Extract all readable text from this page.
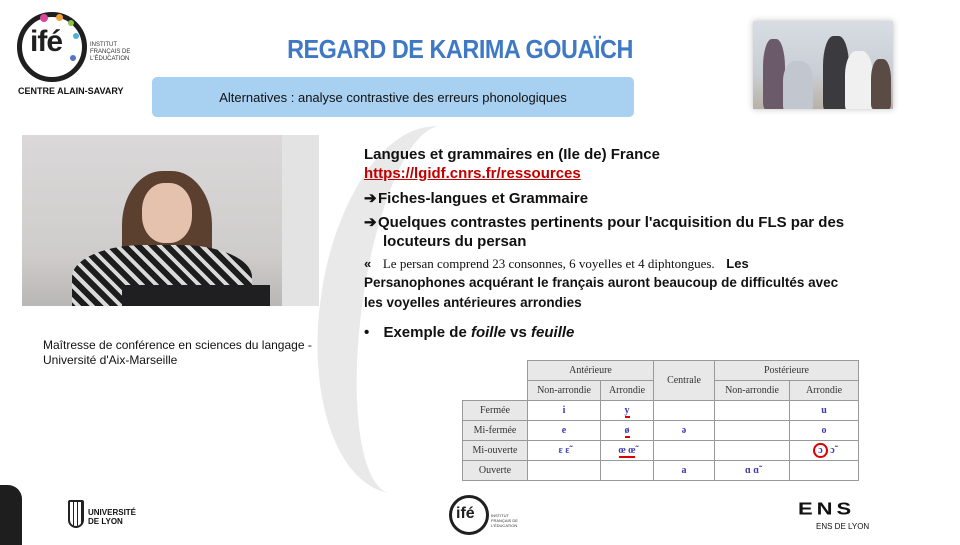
ifé	INSTITUT FRANÇAIS DE L'ÉDUCATION
CENTRE ALAIN-SAVARY
REGARD DE KARIMA GOUAÏCH
Alternatives : analyse contrastive des erreurs phonologiques
Maîtresse de conférence en sciences du langage - Université d'Aix-Marseille
Langues et grammaires en (Ile de) France
https://lgidf.cnrs.fr/ressources
➔Fiches-langues et Grammaire
➔Quelques contrastes pertinents pour l'acquisition du FLS par des
locuteurs du persan
« Le persan comprend 23 consonnes, 6 voyelles et 4 diphtongues. Les
Persanophones acquérant le français auront beaucoup de difficultés avec
les voyelles antérieures arrondies
• Exemple de foille vs feuille
	Antérieure		Centrale	Postérieure	
	Non-arrondie	Arrondie		Non-arrondie	Arrondie
Fermée	i	y			u
Mi-fermée	e	ø	ə		o
Mi-ouverte	ɛ ɛ̃	œ œ̃			ɔ ɔ̃
Ouverte			a	ɑ ɑ̃	
UNIVERSITÉ
DE LYON	ifé	INSTITUT FRANÇAIS DE L'ÉDUCATION
ENS
ENS DE LYON
